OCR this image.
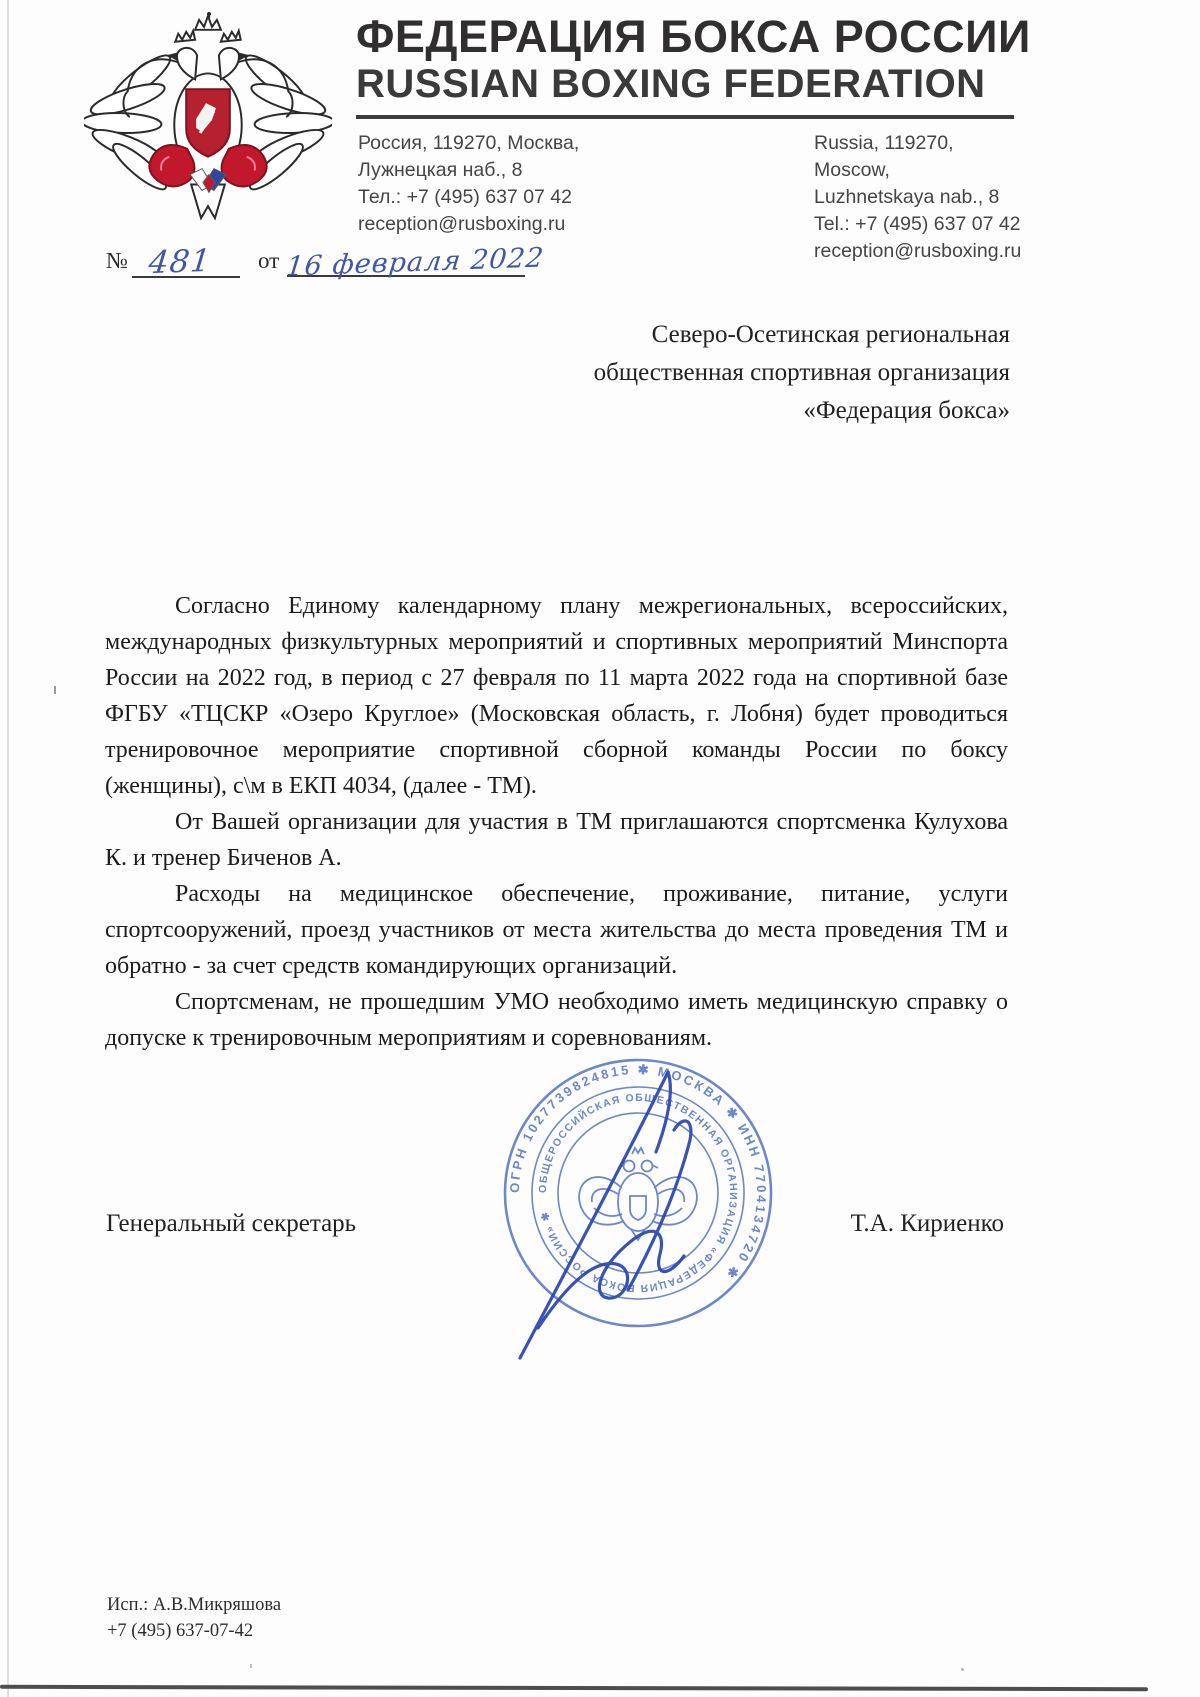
ФЕДЕРАЦИЯ БОКСА РОССИИ
RUSSIAN BOXING FEDERATION
Россия, 119270, Москва,
Лужнецкая наб., 8
Тел.: +7 (495) 637 07 42
reception@rusboxing.ru
Russia, 119270, Moscow,
Luzhnetskaya nab., 8
Tel.: +7 (495) 637 07 42
reception@rusboxing.ru
№ 481 от 16 февраля 2022
Северо-Осетинская региональная
общественная спортивная организация
«Федерация бокса»

Согласно Единому календарному плану межрегиональных, всероссийских, международных физкультурных мероприятий и спортивных мероприятий Минспорта России на 2022 год, в период с 27 февраля по 11 марта 2022 года на спортивной базе ФГБУ «ТЦСКР «Озеро Круглое» (Московская область, г. Лобня) будет проводиться тренировочное мероприятие спортивной сборной команды России по боксу (женщины), с\м в ЕКП 4034, (далее - ТМ).

От Вашей организации для участия в ТМ приглашаются спортсменка Кулухова К. и тренер Биченов А.

Расходы на медицинское обеспечение, проживание, питание, услуги спортсооружений, проезд участников от места жительства до места проведения ТМ и обратно - за счет средств командирующих организаций.

Спортсменам, не прошедшим УМО необходимо иметь медицинскую справку о допуске к тренировочным мероприятиям и соревнованиям.

Генеральный секретарь	Т.А. Кириенко
ОГРН 1027739824815 ✱ МОСКВА ✱ ИНН 7704134720 ✱
ОБЩЕРОССИЙСКАЯ ОБЩЕСТВЕННАЯ ОРГАНИЗАЦИЯ «ФЕДЕРАЦИЯ БОКСА РОССИИ» ✱
Исп.: А.В.Микряшова
+7 (495) 637-07-42
